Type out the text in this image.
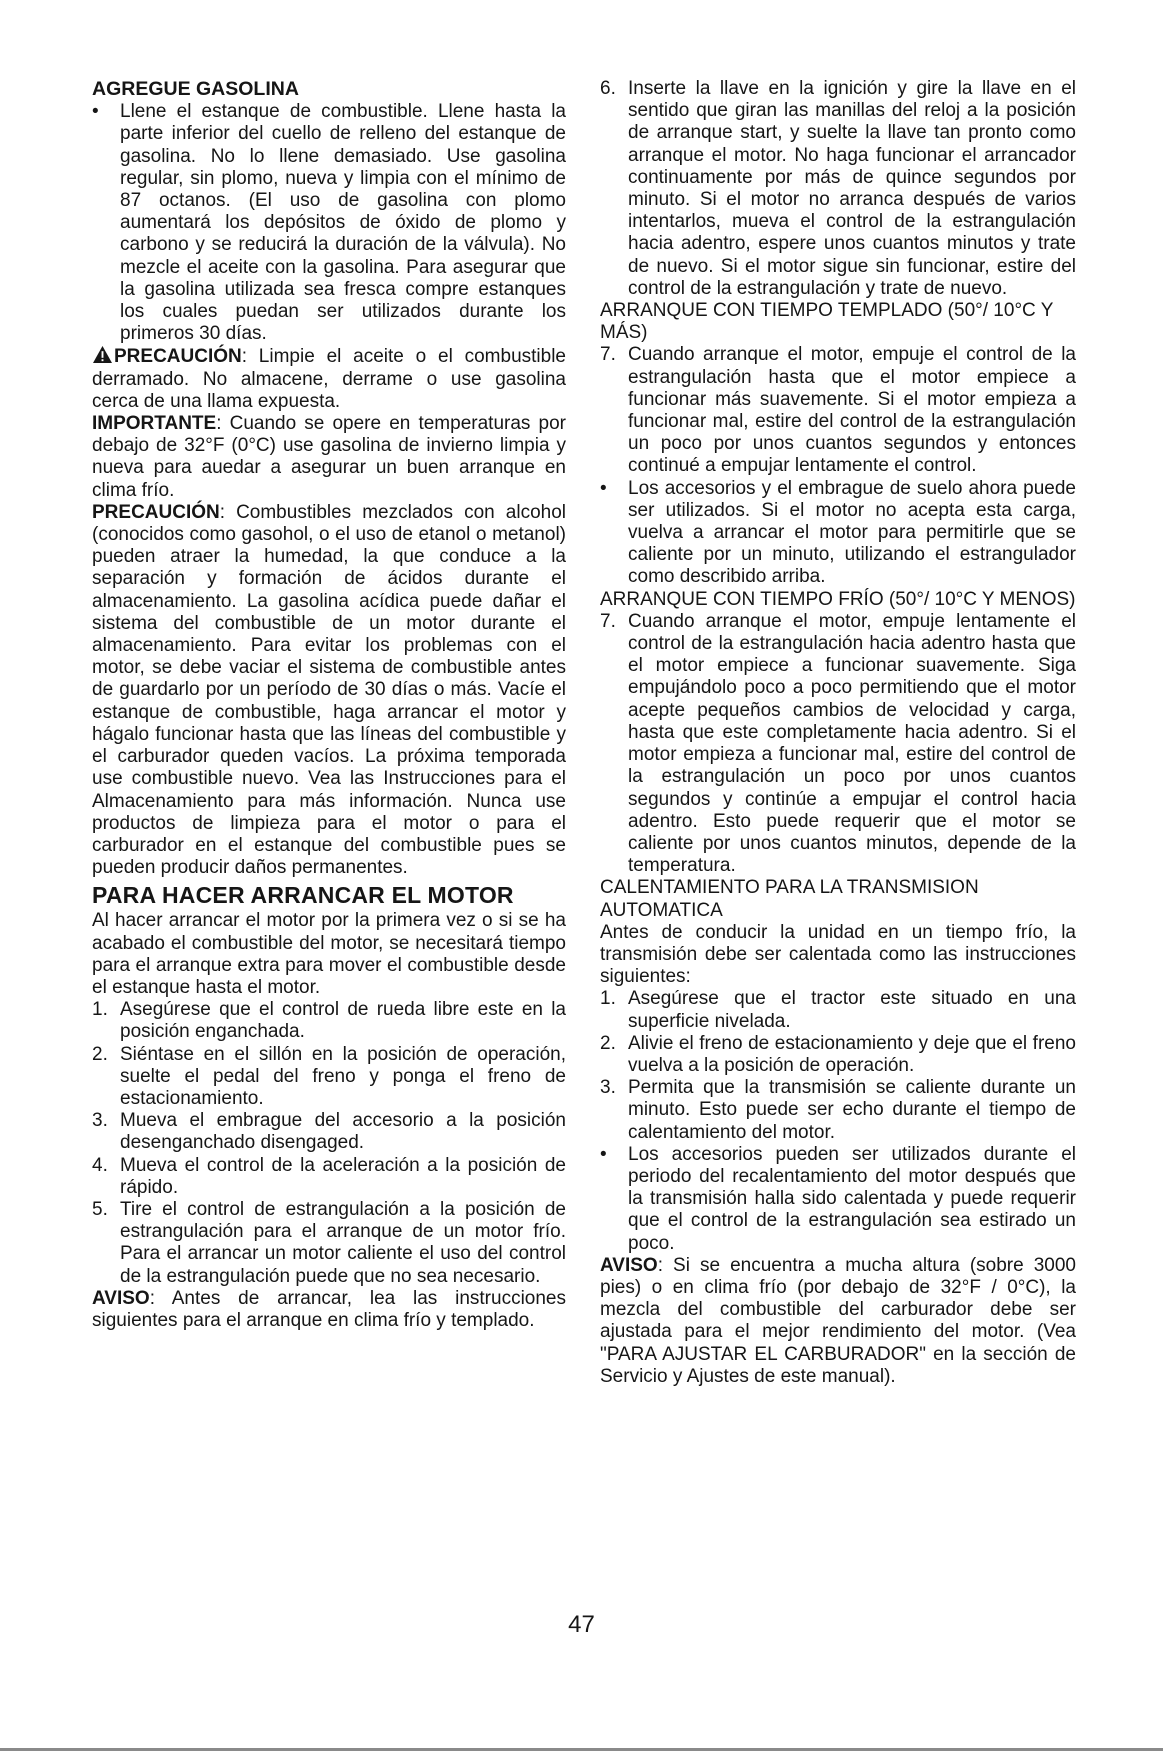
AGREGUE GASOLINA

•	Llene el estanque de combustible. Llene hasta la parte inferior del cuello de relleno del estanque de gasolina. No lo llene demasiado. Use gasolina regular, sin plomo, nueva y limpia con el mínimo de 87 octanos. (El uso de gasolina con plomo aumentará los depósitos de óxido de plomo y carbono y se reducirá la duración de la válvula). No mezcle el aceite con la gasolina. Para asegurar que la gasolina utilizada sea fresca compre estanques los cuales puedan ser utilizados durante los primeros 30 días.

PRECAUCIÓN: Limpie el aceite o el combustible derramado. No almacene, derrame o use gasolina cerca de una llama expuesta.

IMPORTANTE: Cuando se opere en temperaturas por debajo de 32°F (0°C) use gasolina de invierno limpia y nueva para auedar a asegurar un buen arranque en clima frío.

PRECAUCIÓN: Combustibles mezclados con alcohol (conocidos como gasohol, o el uso de etanol o metanol) pueden atraer la humedad, la que conduce a la separación y formación de ácidos durante el almacenamiento. La gasolina acídica puede dañar el sistema del combustible de un motor durante el almacenamiento. Para evitar los problemas con el motor, se debe vaciar el sistema de combustible antes de guardarlo por un período de 30 días o más. Vacíe el estanque de combustible, haga arrancar el motor y hágalo funcionar hasta que las líneas del combustible y el carburador queden vacíos. La próxima temporada use combustible nuevo. Vea las Instrucciones para el Almacenamiento para más información. Nunca use productos de limpieza para el motor o para el carburador en el estanque del combustible pues se pueden producir daños permanentes.

PARA HACER ARRANCAR EL MOTOR

Al hacer arrancar el motor por la primera vez o si se ha acabado el combustible del motor, se necesitará tiempo para el arranque extra para mover el combustible desde el estanque hasta el motor.

1. Asegúrese que el control de rueda libre este en la posición enganchada.
2. Siéntase en el sillón en la posición de operación, suelte el pedal del freno y ponga el freno de estacionamiento.
3. Mueva el embrague del accesorio a la posición desenganchado disengaged.
4. Mueva el control de la aceleración a la posición de rápido.
5. Tire el control de estrangulación a la posición de estrangulación para el arranque de un motor frío. Para el arrancar un motor caliente el uso del control de la estrangulación puede que no sea necesario.

AVISO: Antes de arrancar, lea las instrucciones siguientes para el arranque en clima frío y templado.

6. Inserte la llave en la ignición y gire la llave en el sentido que giran las manillas del reloj a la posición de arranque start, y suelte la llave tan pronto como arranque el motor. No haga funcionar el arrancador continuamente por más de quince segundos por minuto. Si el motor no arranca después de varios intentarlos, mueva el control de la estrangulación hacia adentro, espere unos cuantos minutos y trate de nuevo. Si el motor sigue sin funcionar, estire del control de la estrangulación y trate de nuevo.

ARRANQUE CON TIEMPO TEMPLADO (50°/ 10°C Y MÁS)

7. Cuando arranque el motor, empuje el control de la estrangulación hasta que el motor empiece a funcionar más suavemente. Si el motor empieza a funcionar mal, estire del control de la estrangulación un poco por unos cuantos segundos y entonces continué a empujar lentamente el control.
•	Los accesorios y el embrague de suelo ahora puede ser utilizados. Si el motor no acepta esta carga, vuelva a arrancar el motor para permitirle que se caliente por un minuto, utilizando el estrangulador como describido arriba.

ARRANQUE CON TIEMPO FRÍO (50°/ 10°C Y MENOS)

7. Cuando arranque el motor, empuje lentamente el control de la estrangulación hacia adentro hasta que el motor empiece a funcionar suavemente. Siga empujándolo poco a poco permitiendo que el motor acepte pequeños cambios de velocidad y carga, hasta que este completamente hacia adentro. Si el motor empieza a funcionar mal, estire del control de la estrangulación un poco por unos cuantos segundos y continúe a empujar el control hacia adentro. Esto puede requerir que el motor se caliente por unos cuantos minutos, depende de la temperatura.

CALENTAMIENTO PARA LA TRANSMISION AUTOMATICA

Antes de conducir la unidad en un tiempo frío, la transmisión debe ser calentada como las instrucciones siguientes:

1. Asegúrese que el tractor este situado en una superficie nivelada.
2. Alivie el freno de estacionamiento y deje que el freno vuelva a la posición de operación.
3. Permita que la transmisión se caliente durante un minuto. Esto puede ser echo durante el tiempo de calentamiento del motor.
•	Los accesorios pueden ser utilizados durante el periodo del recalentamiento del motor después que la transmisión halla sido calentada y puede requerir que el control de la estrangulación sea estirado un poco.

AVISO: Si se encuentra a mucha altura (sobre 3000 pies) o en clima frío (por debajo de 32°F / 0°C), la mezcla del combustible del carburador debe ser ajustada para el mejor rendimiento del motor. (Vea "PARA AJUSTAR EL CARBURADOR" en la sección de Servicio y Ajustes de este manual).

47
